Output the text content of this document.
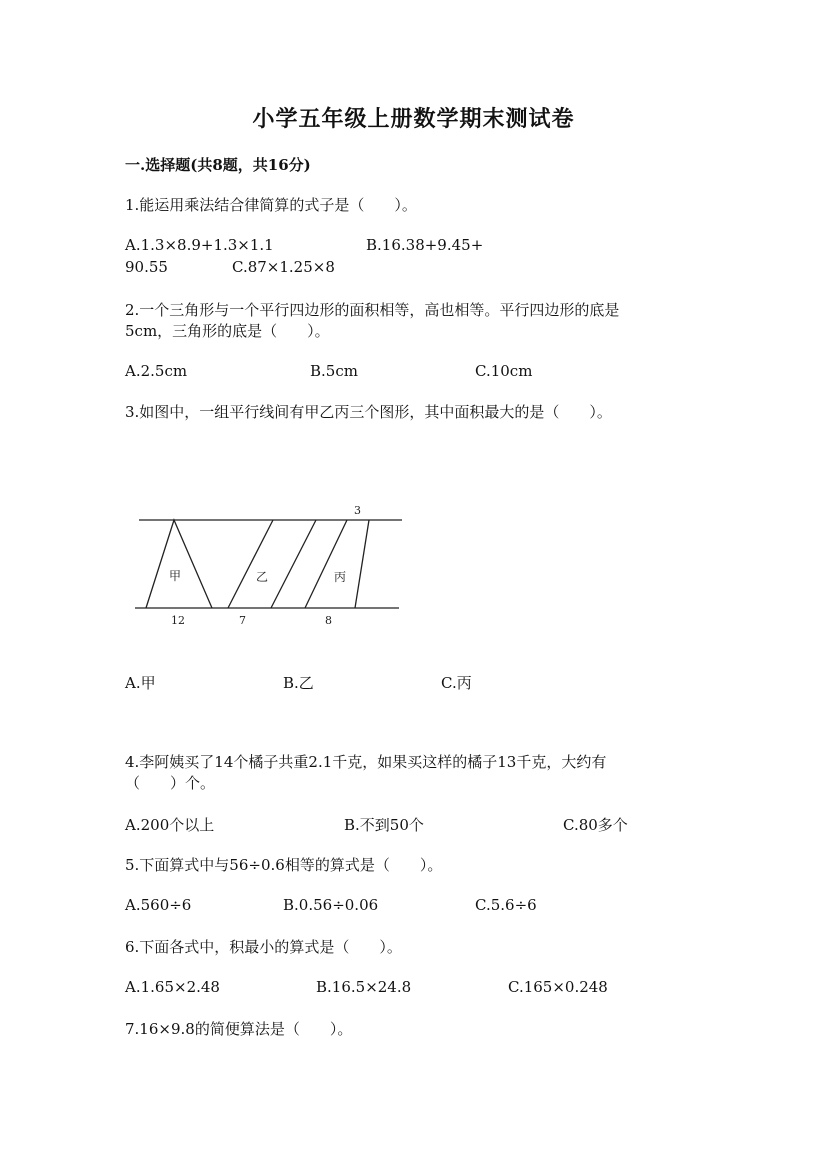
小学五年级上册数学期末测试卷
一.选择题(共8题，共16分)
1.能运用乘法结合律简算的式子是（　　）。
A.1.3×8.9+1.3×1.1	B.16.38+9.45+
90.55	C.87×1.25×8
2.一个三角形与一个平行四边形的面积相等，高也相等。平行四边形的底是
5cm，三角形的底是（　　）。
A.2.5cm	B.5cm	C.10cm
3.如图中，一组平行线间有甲乙丙三个图形，其中面积最大的是（　　）。
甲	乙	丙
3
12	7	8
A.甲	B.乙	C.丙
4.李阿姨买了14个橘子共重2.1千克，如果买这样的橘子13千克，大约有
（　　）个。
A.200个以上	B.不到50个	C.80多个
5.下面算式中与56÷0.6相等的算式是（　　）。
A.560÷6	B.0.56÷0.06	C.5.6÷6
6.下面各式中，积最小的算式是（　　）。
A.1.65×2.48	B.16.5×24.8	C.165×0.248
7.16×9.8的简便算法是（　　）。
